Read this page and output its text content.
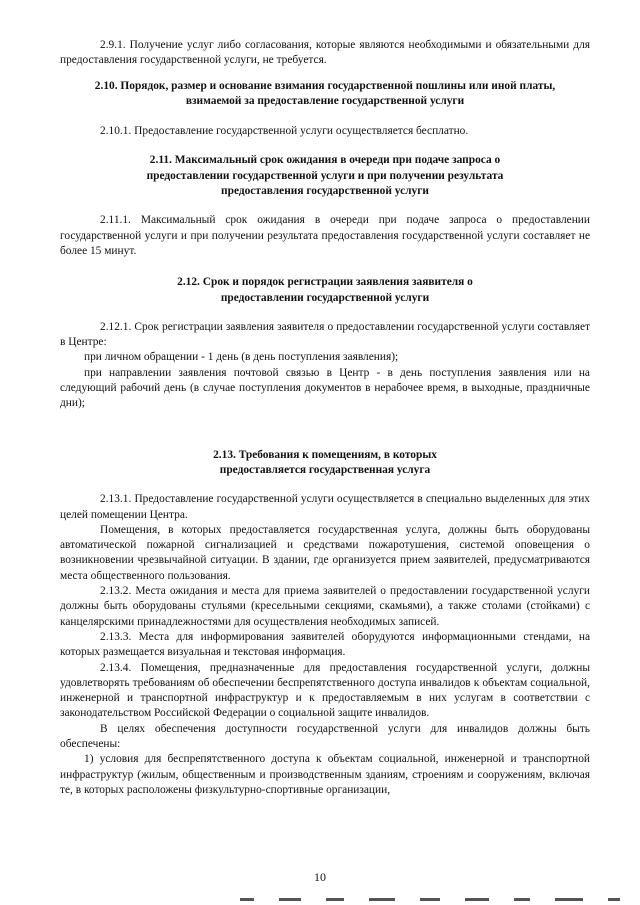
2.9.1. Получение услуг либо согласования, которые являются необходимыми и обязательными для предоставления государственной услуги, не требуется.

2.10. Порядок, размер и основание взимания государственной пошлины или иной платы, взимаемой за предоставление государственной услуги

2.10.1. Предоставление государственной услуги осуществляется бесплатно.

2.11. Максимальный срок ожидания в очереди при подаче запроса о предоставлении государственной услуги и при получении результата предоставления государственной услуги

2.11.1. Максимальный срок ожидания в очереди при подаче запроса о предоставлении государственной услуги и при получении результата предоставления государственной услуги составляет не более 15 минут.

2.12. Срок и порядок регистрации заявления заявителя о предоставлении государственной услуги

2.12.1. Срок регистрации заявления заявителя о предоставлении государственной услуги составляет в Центре:

при личном обращении - 1 день (в день поступления заявления);

при направлении заявления почтовой связью в Центр - в день поступления заявления или на следующий рабочий день (в случае поступления документов в нерабочее время, в выходные, праздничные дни);

2.13. Требования к помещениям, в которых предоставляется государственная услуга

2.13.1. Предоставление государственной услуги осуществляется в специально выделенных для этих целей помещении Центра.

Помещения, в которых предоставляется государственная услуга, должны быть оборудованы автоматической пожарной сигнализацией и средствами пожаротушения, системой оповещения о возникновении чрезвычайной ситуации. В здании, где организуется прием заявителей, предусматриваются места общественного пользования.

2.13.2. Места ожидания и места для приема заявителей о предоставлении государственной услуги должны быть оборудованы стульями (кресельными секциями, скамьями), а также столами (стойками) с канцелярскими принадлежностями для осуществления необходимых записей.

2.13.3. Места для информирования заявителей оборудуются информационными стендами, на которых размещается визуальная и текстовая информация.

2.13.4. Помещения, предназначенные для предоставления государственной услуги, должны удовлетворять требованиям об обеспечении беспрепятственного доступа инвалидов к объектам социальной, инженерной и транспортной инфраструктур и к предоставляемым в них услугам в соответствии с законодательством Российской Федерации о социальной защите инвалидов.

В целях обеспечения доступности государственной услуги для инвалидов должны быть обеспечены:

1) условия для беспрепятственного доступа к объектам социальной, инженерной и транспортной инфраструктур (жилым, общественным и производственным зданиям, строениям и сооружениям, включая те, в которых расположены физкультурно-спортивные организации,

10
